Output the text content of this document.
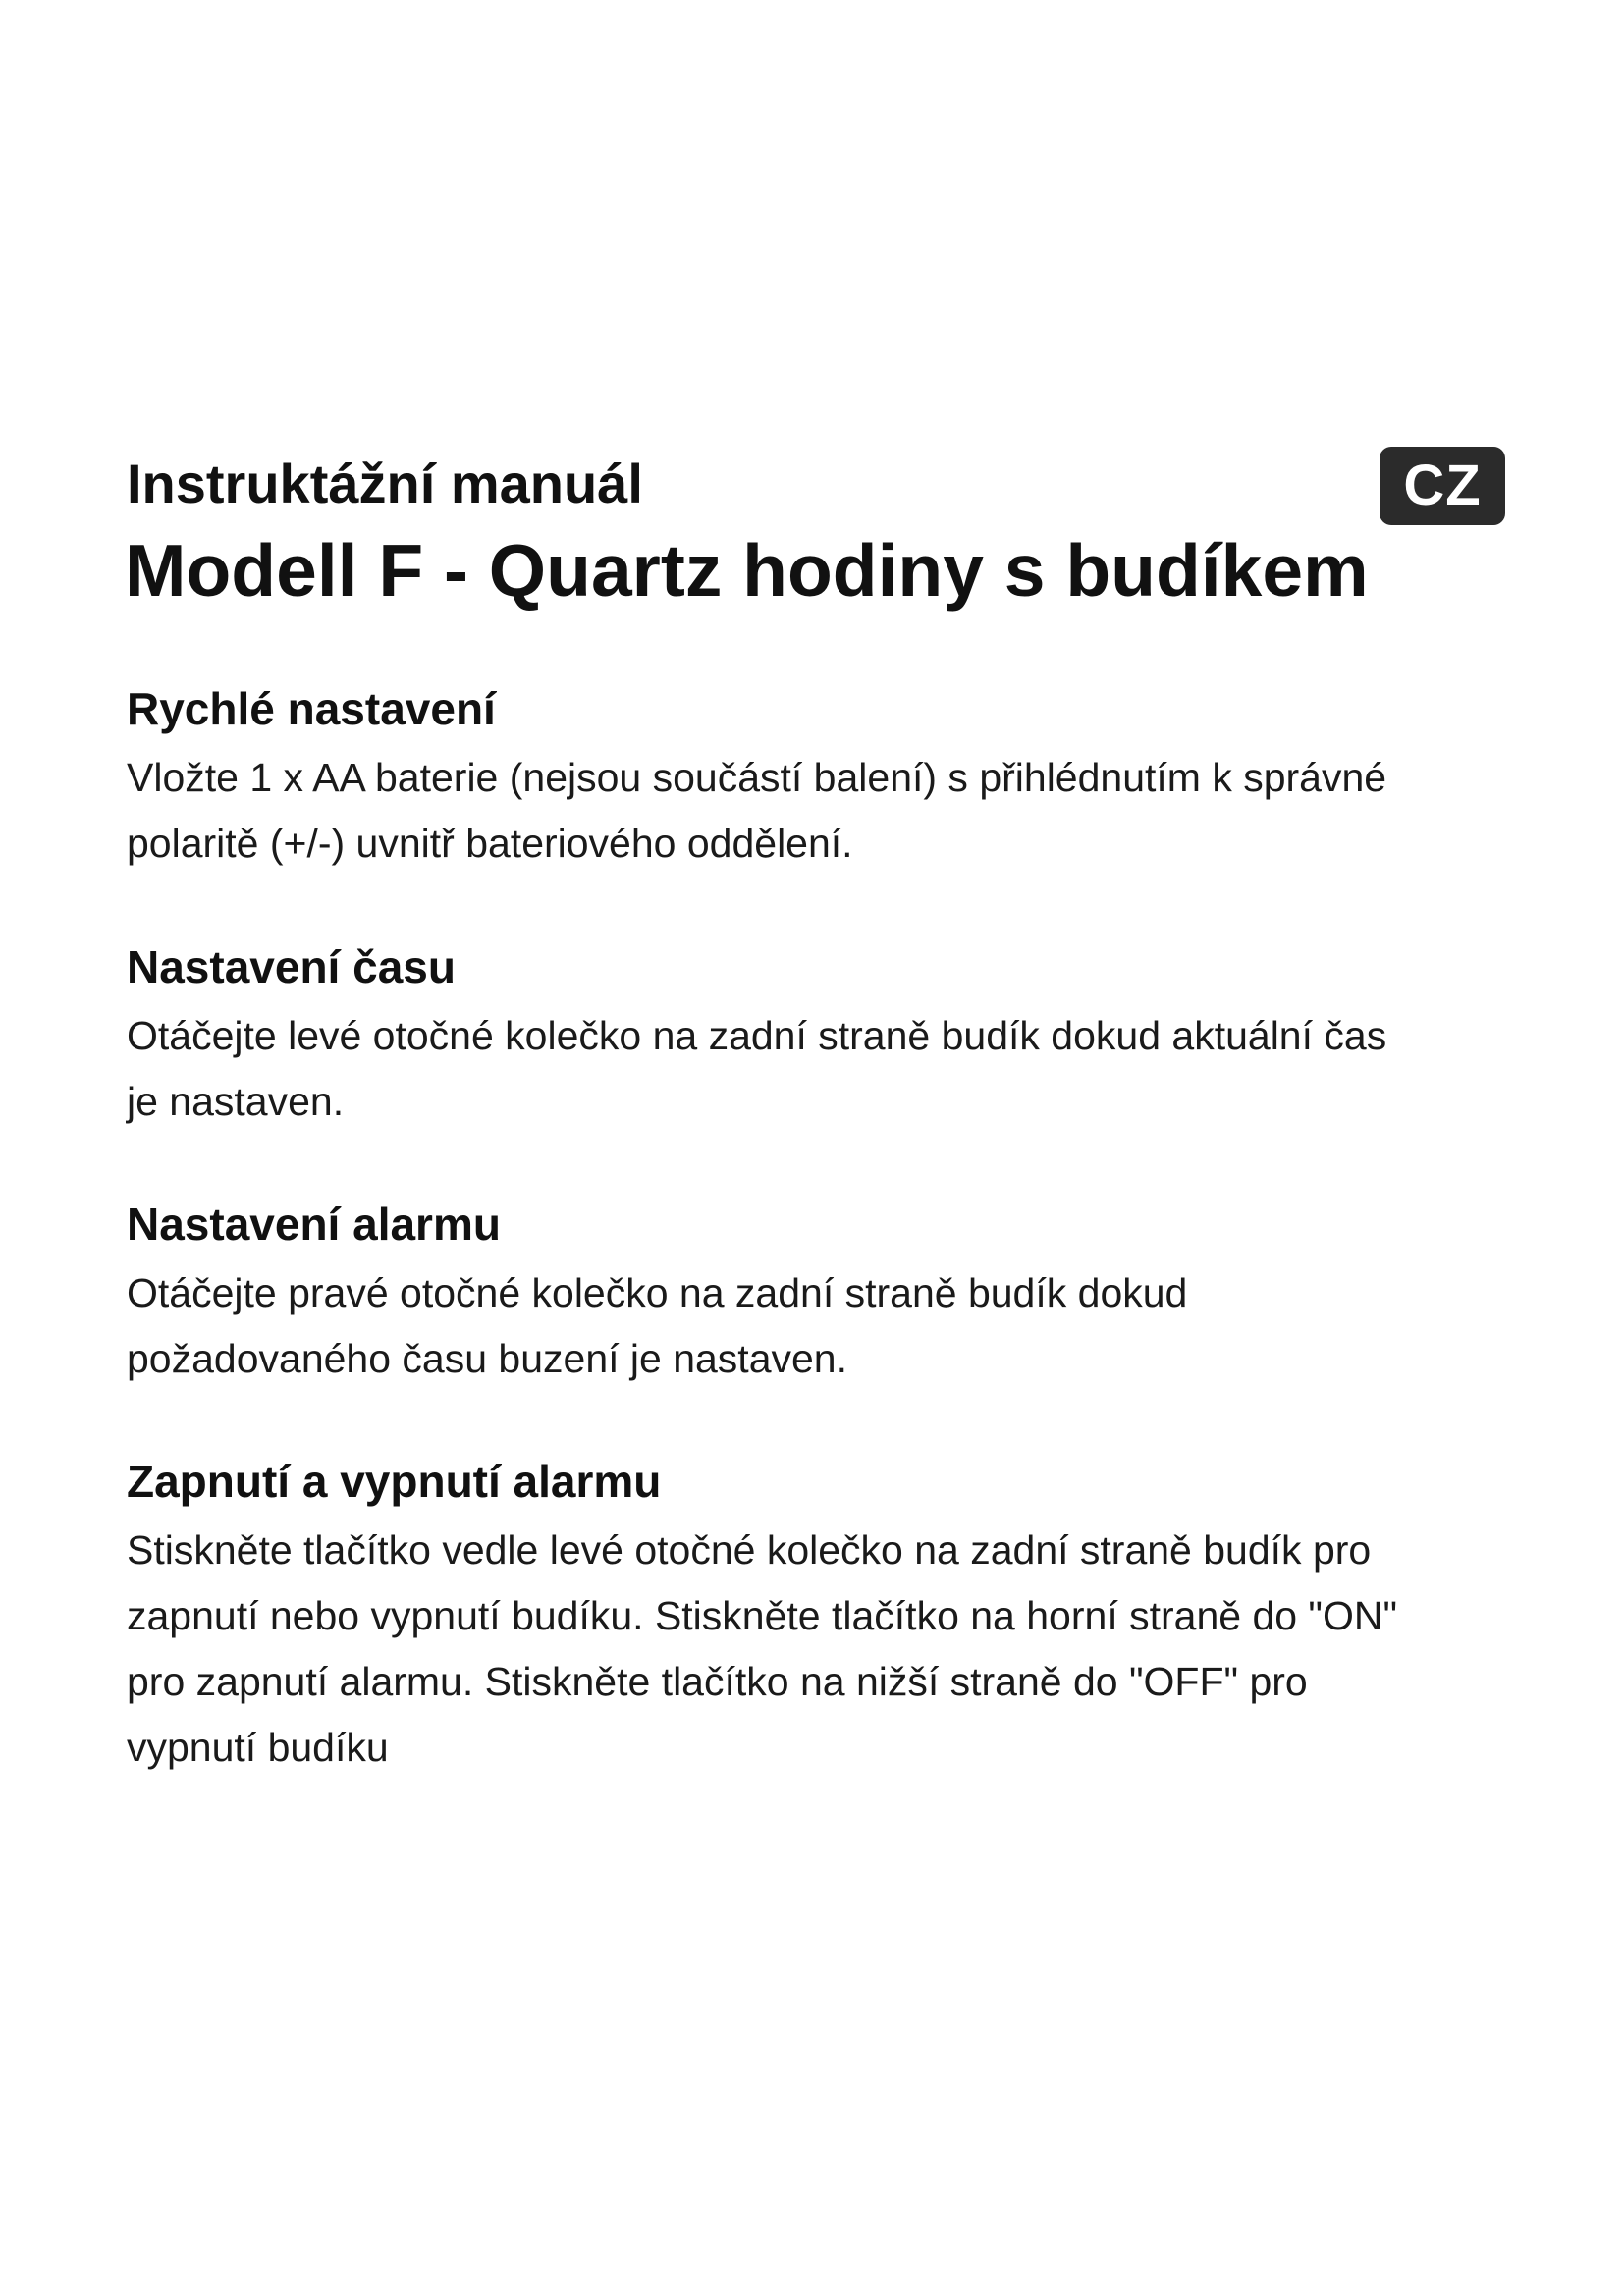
Instruktážní manuál	CZ
Modell F - Quartz hodiny s budíkem
Rychlé nastavení

Vložte 1 x AA baterie (nejsou součástí balení) s přihlédnutím k správné
polaritě (+/-) uvnitř bateriového oddělení.

Nastavení času

Otáčejte levé otočné kolečko na zadní straně budík dokud aktuální čas
je nastaven.

Nastavení alarmu

Otáčejte pravé otočné kolečko na zadní straně budík dokud
požadovaného času buzení je nastaven.

Zapnutí a vypnutí alarmu

Stiskněte tlačítko vedle levé otočné kolečko na zadní straně budík pro
zapnutí nebo vypnutí budíku. Stiskněte tlačítko na horní straně do "ON"
pro zapnutí alarmu. Stiskněte tlačítko na nižší straně do "OFF" pro
vypnutí budíku
